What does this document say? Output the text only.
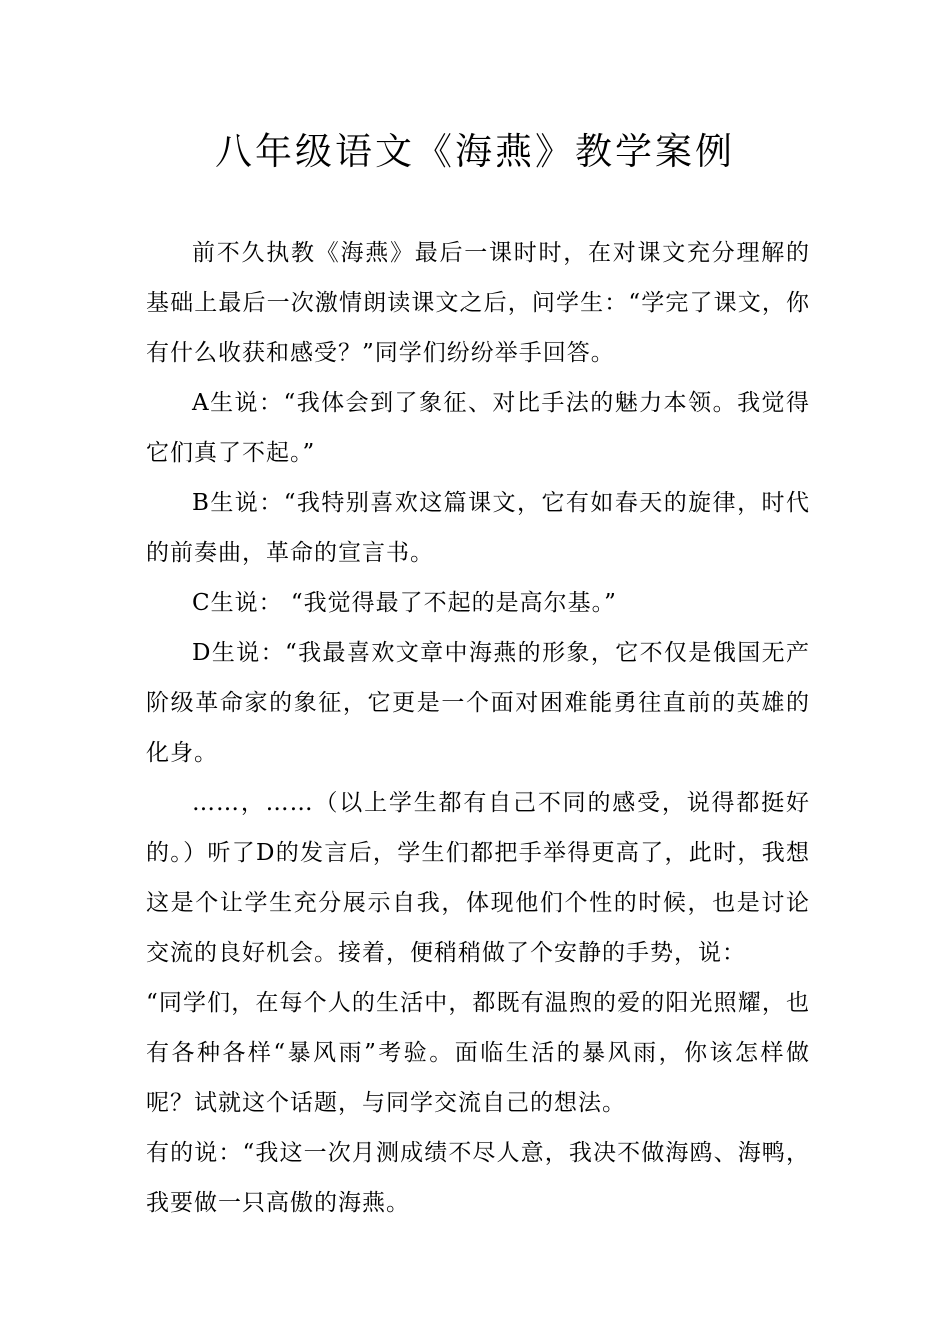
八年级语文《海燕》教学案例

前不久执教《海燕》最后一课时时，在对课文充分理解的基础上最后一次激情朗读课文之后，问学生：“学完了课文，你有什么收获和感受？”同学们纷纷举手回答。

A生说：“我体会到了象征、对比手法的魅力本领。我觉得它们真了不起。”

B生说：“我特别喜欢这篇课文，它有如春天的旋律，时代的前奏曲，革命的宣言书。

C生说： “我觉得最了不起的是高尔基。”

D生说：“我最喜欢文章中海燕的形象，它不仅是俄国无产阶级革命家的象征，它更是一个面对困难能勇往直前的英雄的化身。

……，……（以上学生都有自己不同的感受，说得都挺好的。）听了D的发言后，学生们都把手举得更高了，此时，我想这是个让学生充分展示自我，体现他们个性的时候，也是讨论交流的良好机会。接着，便稍稍做了个安静的手势，说：

“同学们，在每个人的生活中，都既有温煦的爱的阳光照耀，也有各种各样“暴风雨”考验。面临生活的暴风雨，你该怎样做呢？试就这个话题，与同学交流自己的想法。

有的说：“我这一次月测成绩不尽人意，我决不做海鸥、海鸭，我要做一只高傲的海燕。
